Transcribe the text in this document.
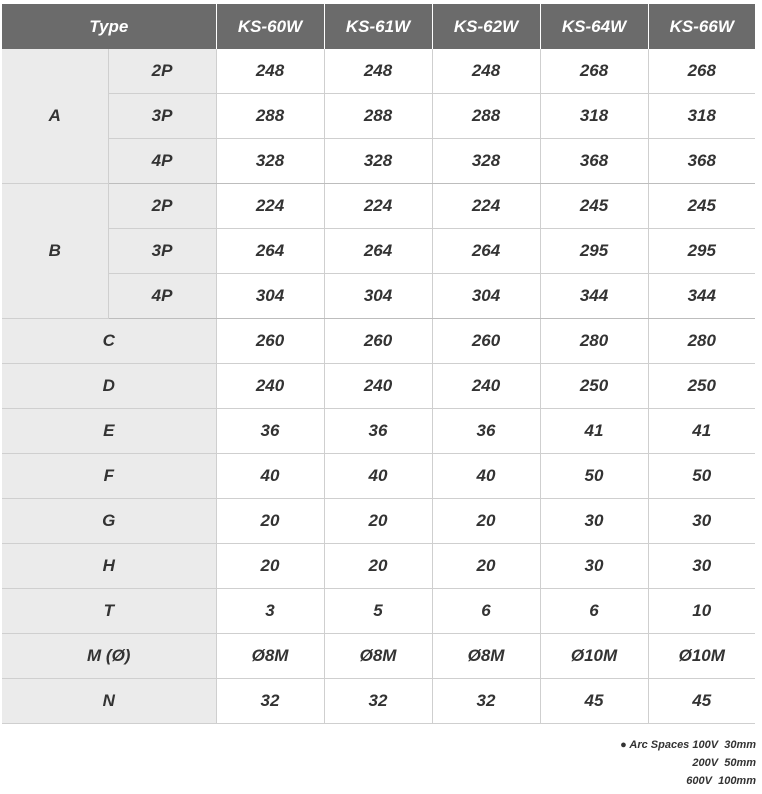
Type		KS-60W	KS-61W	KS-62W	KS-64W	KS-66W
A	2P	248	248	248	268	268
	3P	288	288	288	318	318
	4P	328	328	328	368	368
B	2P	224	224	224	245	245
	3P	264	264	264	295	295
	4P	304	304	304	344	344
C		260	260	260	280	280
D		240	240	240	250	250
E		36	36	36	41	41
F		40	40	40	50	50
G		20	20	20	30	30
H		20	20	20	30	30
T		3	5	6	6	10
M (Ø)		Ø8M	Ø8M	Ø8M	Ø10M	Ø10M
N		32	32	32	45	45
● Arc Spaces 100V 30mm
200V 50mm
600V 100mm
